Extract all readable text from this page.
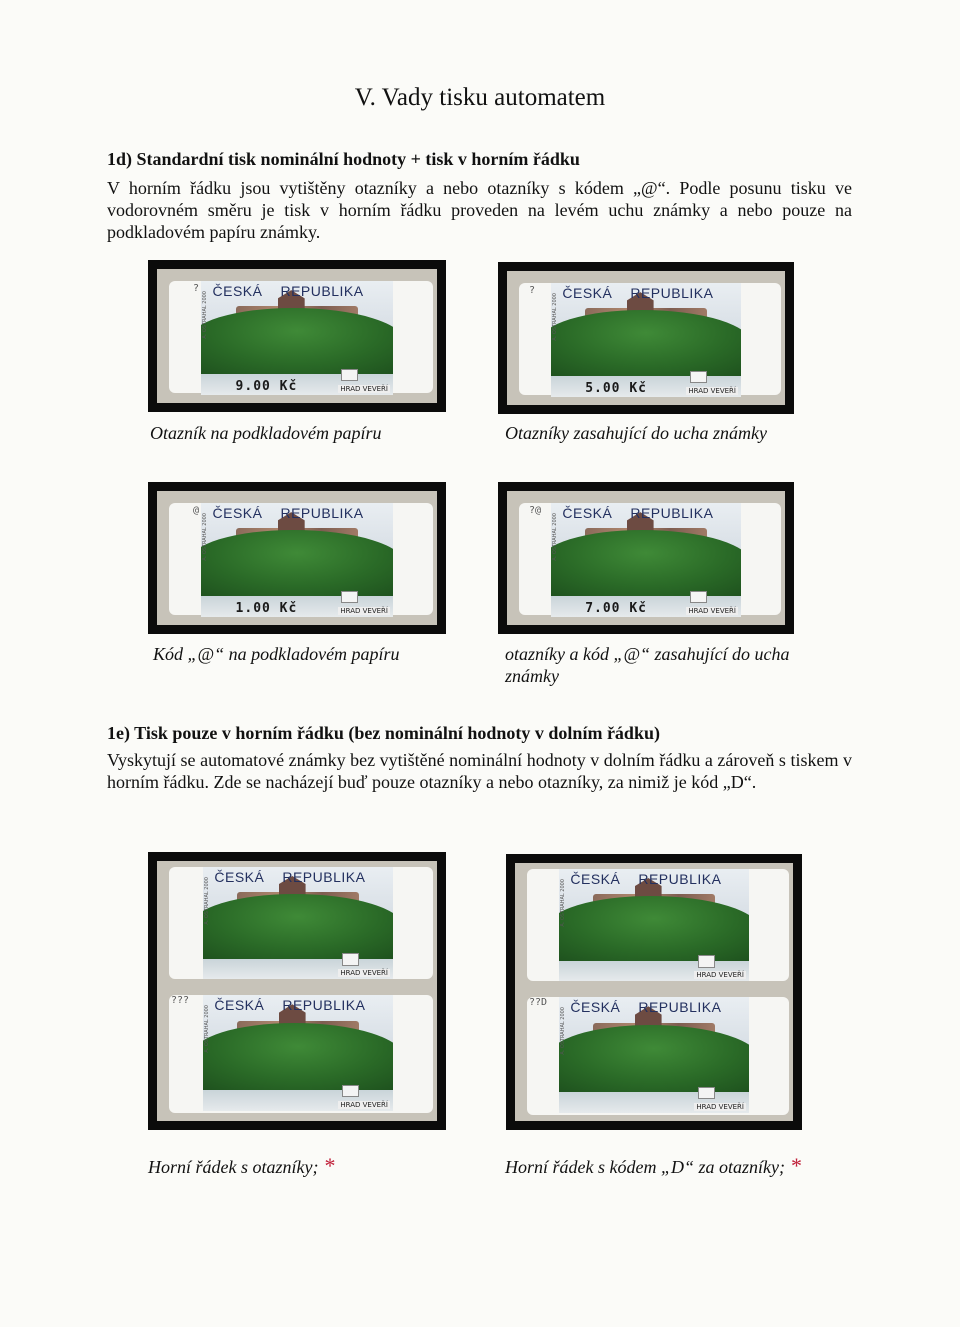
V. Vady tisku automatem
1d) Standardní tisk nominální hodnoty + tisk v horním řádku
V horním řádku jsou vytištěny otazníky a nebo otazníky s kódem „@“. Podle posunu tisku ve vodorovném směru je tisk v horním řádku proveden na levém uchu známky a nebo pouze na podkladovém papíru známky.
?
A. OSTRAHAL 2000 ČESKÁ REPUBLIKA
9.00 Kč	HRAD VEVEŘÍ
?
A. OSTRAHAL 2000 ČESKÁ REPUBLIKA
5.00 Kč	HRAD VEVEŘÍ
Otazník na podkladovém papíru	Otazníky zasahující do ucha známky
@
A. OSTRAHAL 2000 ČESKÁ REPUBLIKA
1.00 Kč	HRAD VEVEŘÍ
?@
A. OSTRAHAL 2000 ČESKÁ REPUBLIKA
7.00 Kč	HRAD VEVEŘÍ
Kód „@“ na podkladovém papíru	otazníky a kód „@“ zasahující do ucha známky
1e) Tisk pouze v horním řádku (bez nominální hodnoty v dolním řádku)
Vyskytují se automatové známky bez vytištěné nominální hodnoty v dolním řádku a zároveň s tiskem v horním řádku. Zde se nacházejí buď pouze otazníky a nebo otazníky, za nimiž je kód „D“.
A. OSTRAHAL 2000 ČESKÁ REPUBLIKA
HRAD VEVEŘÍ
???
A. OSTRAHAL 2000 ČESKÁ REPUBLIKA
HRAD VEVEŘÍ
A. OSTRAHAL 2000 ČESKÁ REPUBLIKA
HRAD VEVEŘÍ
??D
A. OSTRAHAL 2000 ČESKÁ REPUBLIKA
HRAD VEVEŘÍ
Horní řádek s otazníky; *	Horní řádek s kódem „D“ za otazníky; *
